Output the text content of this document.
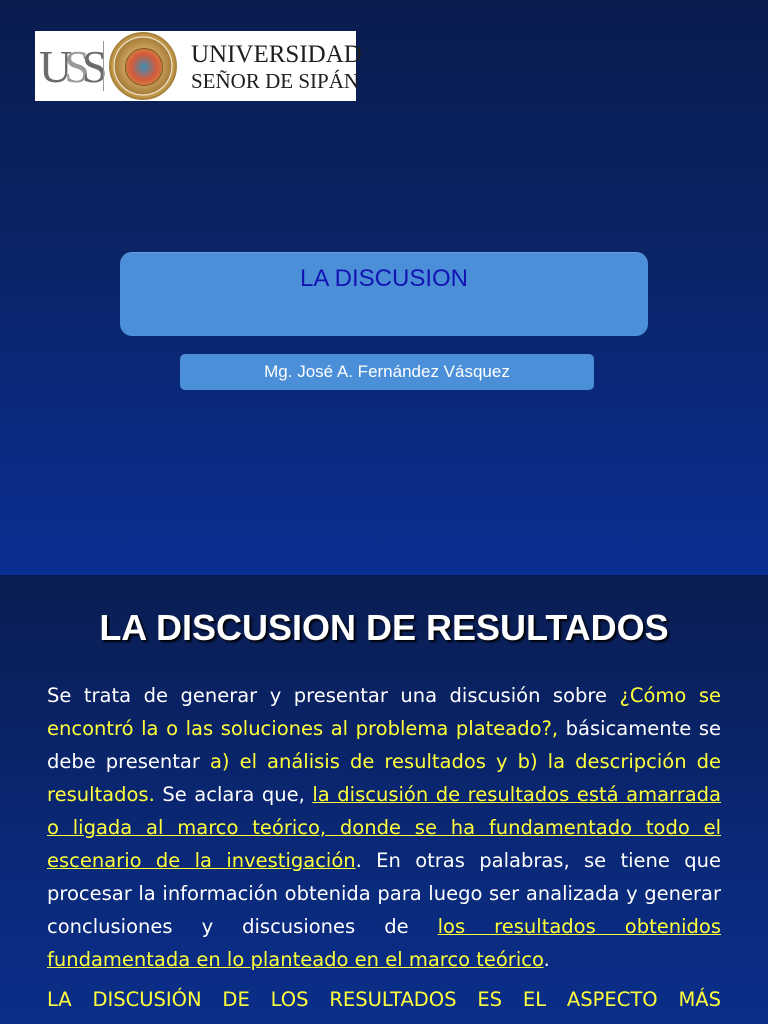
USS	UNIVERSIDAD
SEÑOR DE SIPÁN
LA DISCUSION
Mg. José A. Fernández Vásquez
LA DISCUSION DE RESULTADOS
Se trata de generar y presentar una discusión sobre ¿Cómo se encontró la o las soluciones al problema plateado?, básicamente se debe presentar a) el análisis de resultados y b) la descripción de resultados. Se aclara que, la discusión de resultados está amarrada o ligada al marco teórico, donde se ha fundamentado todo el escenario de la investigación. En otras palabras, se tiene que procesar la información obtenida para luego ser analizada y generar conclusiones y discusiones de los resultados obtenidos fundamentada en lo planteado en el marco teórico.
LA DISCUSIÓN DE LOS RESULTADOS ES EL ASPECTO MÁS
